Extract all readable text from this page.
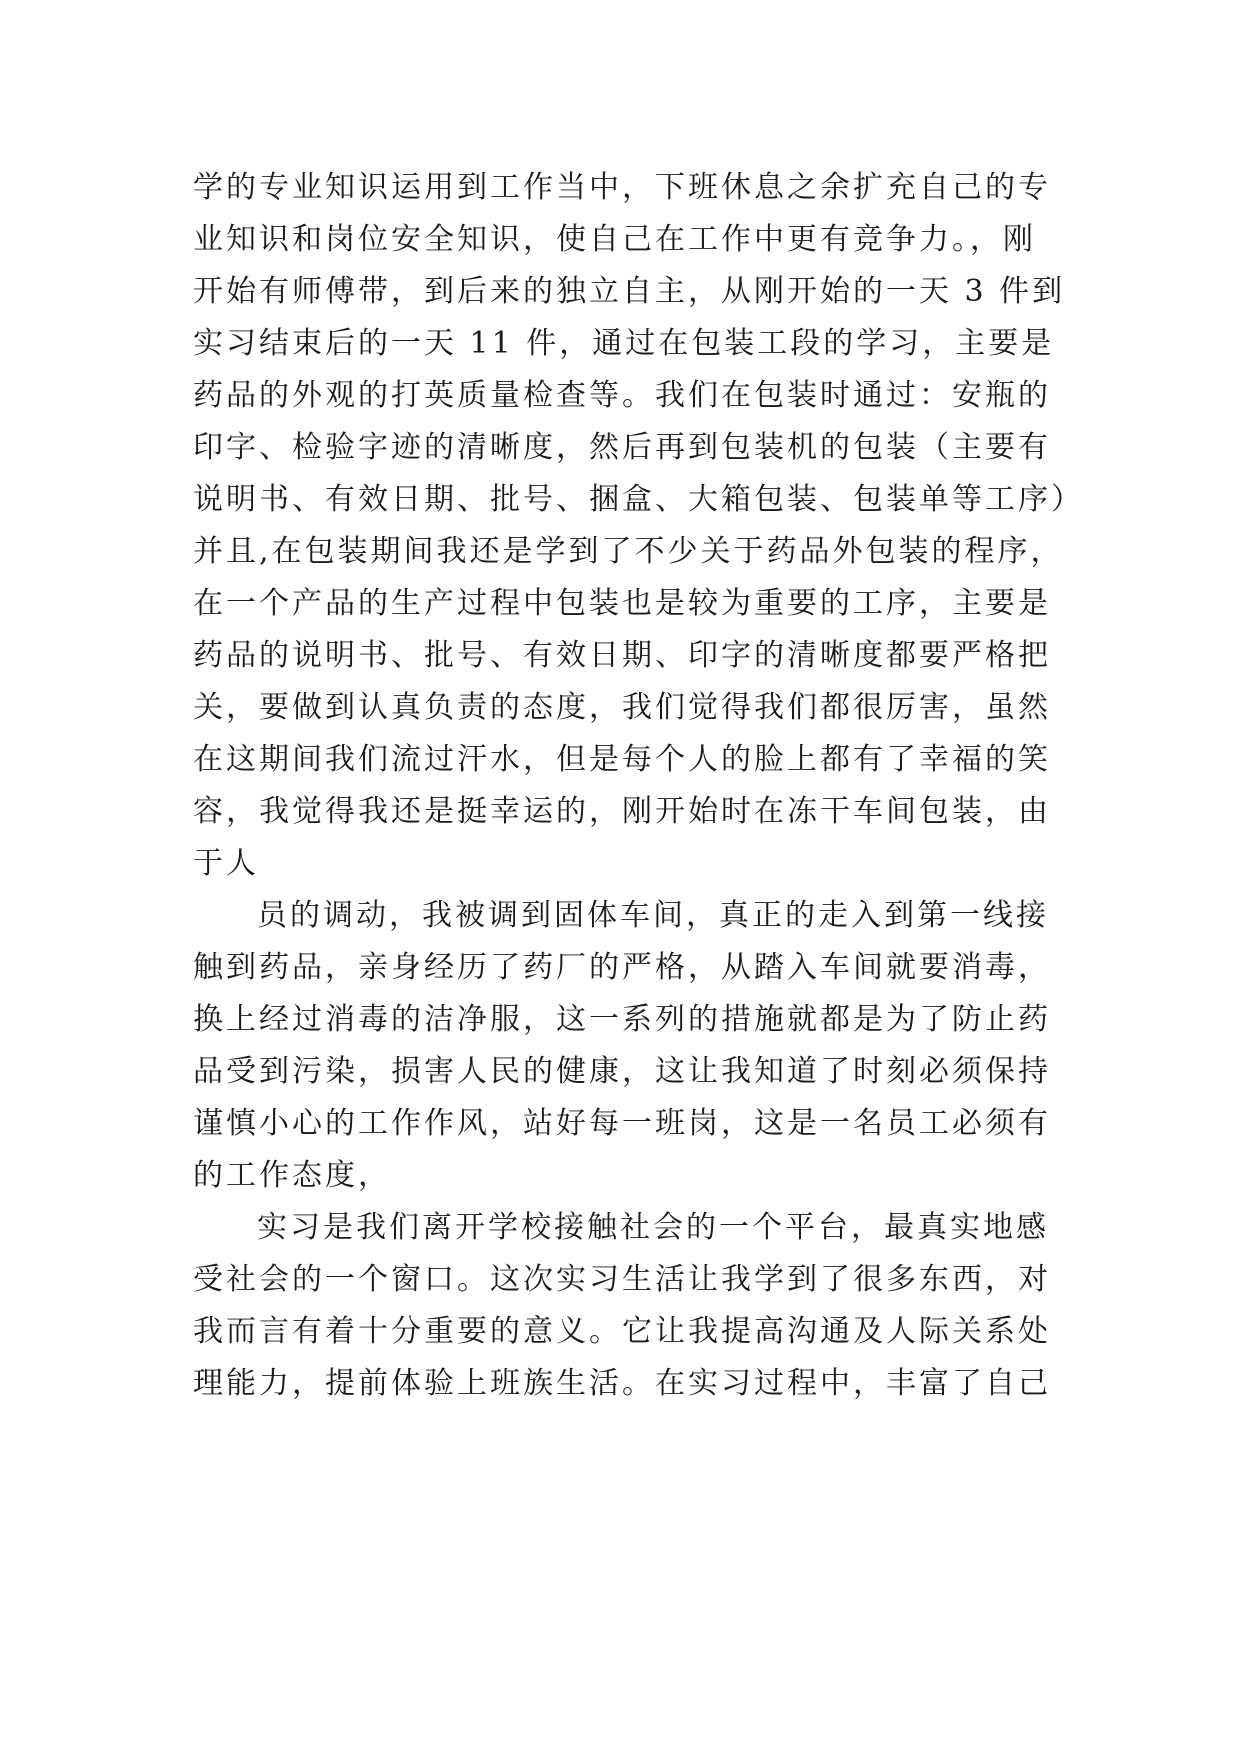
学的专业知识运用到工作当中，下班休息之余扩充自己的专
业知识和岗位安全知识，使自己在工作中更有竞争力。，刚
开始有师傅带，到后来的独立自主，从刚开始的一天 3 件到
实习结束后的一天 11 件，通过在包装工段的学习，主要是
药品的外观的打英质量检查等。我们在包装时通过：安瓶的
印字、检验字迹的清晰度，然后再到包装机的包装（主要有
说明书、有效日期、批号、捆盒、大箱包装、包装单等工序）
并且,在包装期间我还是学到了不少关于药品外包装的程序，
在一个产品的生产过程中包装也是较为重要的工序，主要是
药品的说明书、批号、有效日期、印字的清晰度都要严格把
关，要做到认真负责的态度，我们觉得我们都很厉害，虽然
在这期间我们流过汗水，但是每个人的脸上都有了幸福的笑
容，我觉得我还是挺幸运的，刚开始时在冻干车间包装，由
于人
员的调动，我被调到固体车间，真正的走入到第一线接
触到药品，亲身经历了药厂的严格，从踏入车间就要消毒，
换上经过消毒的洁净服，这一系列的措施就都是为了防止药
品受到污染，损害人民的健康，这让我知道了时刻必须保持
谨慎小心的工作作风，站好每一班岗，这是一名员工必须有
的工作态度，
实习是我们离开学校接触社会的一个平台，最真实地感
受社会的一个窗口。这次实习生活让我学到了很多东西，对
我而言有着十分重要的意义。它让我提高沟通及人际关系处
理能力，提前体验上班族生活。在实习过程中，丰富了自己
